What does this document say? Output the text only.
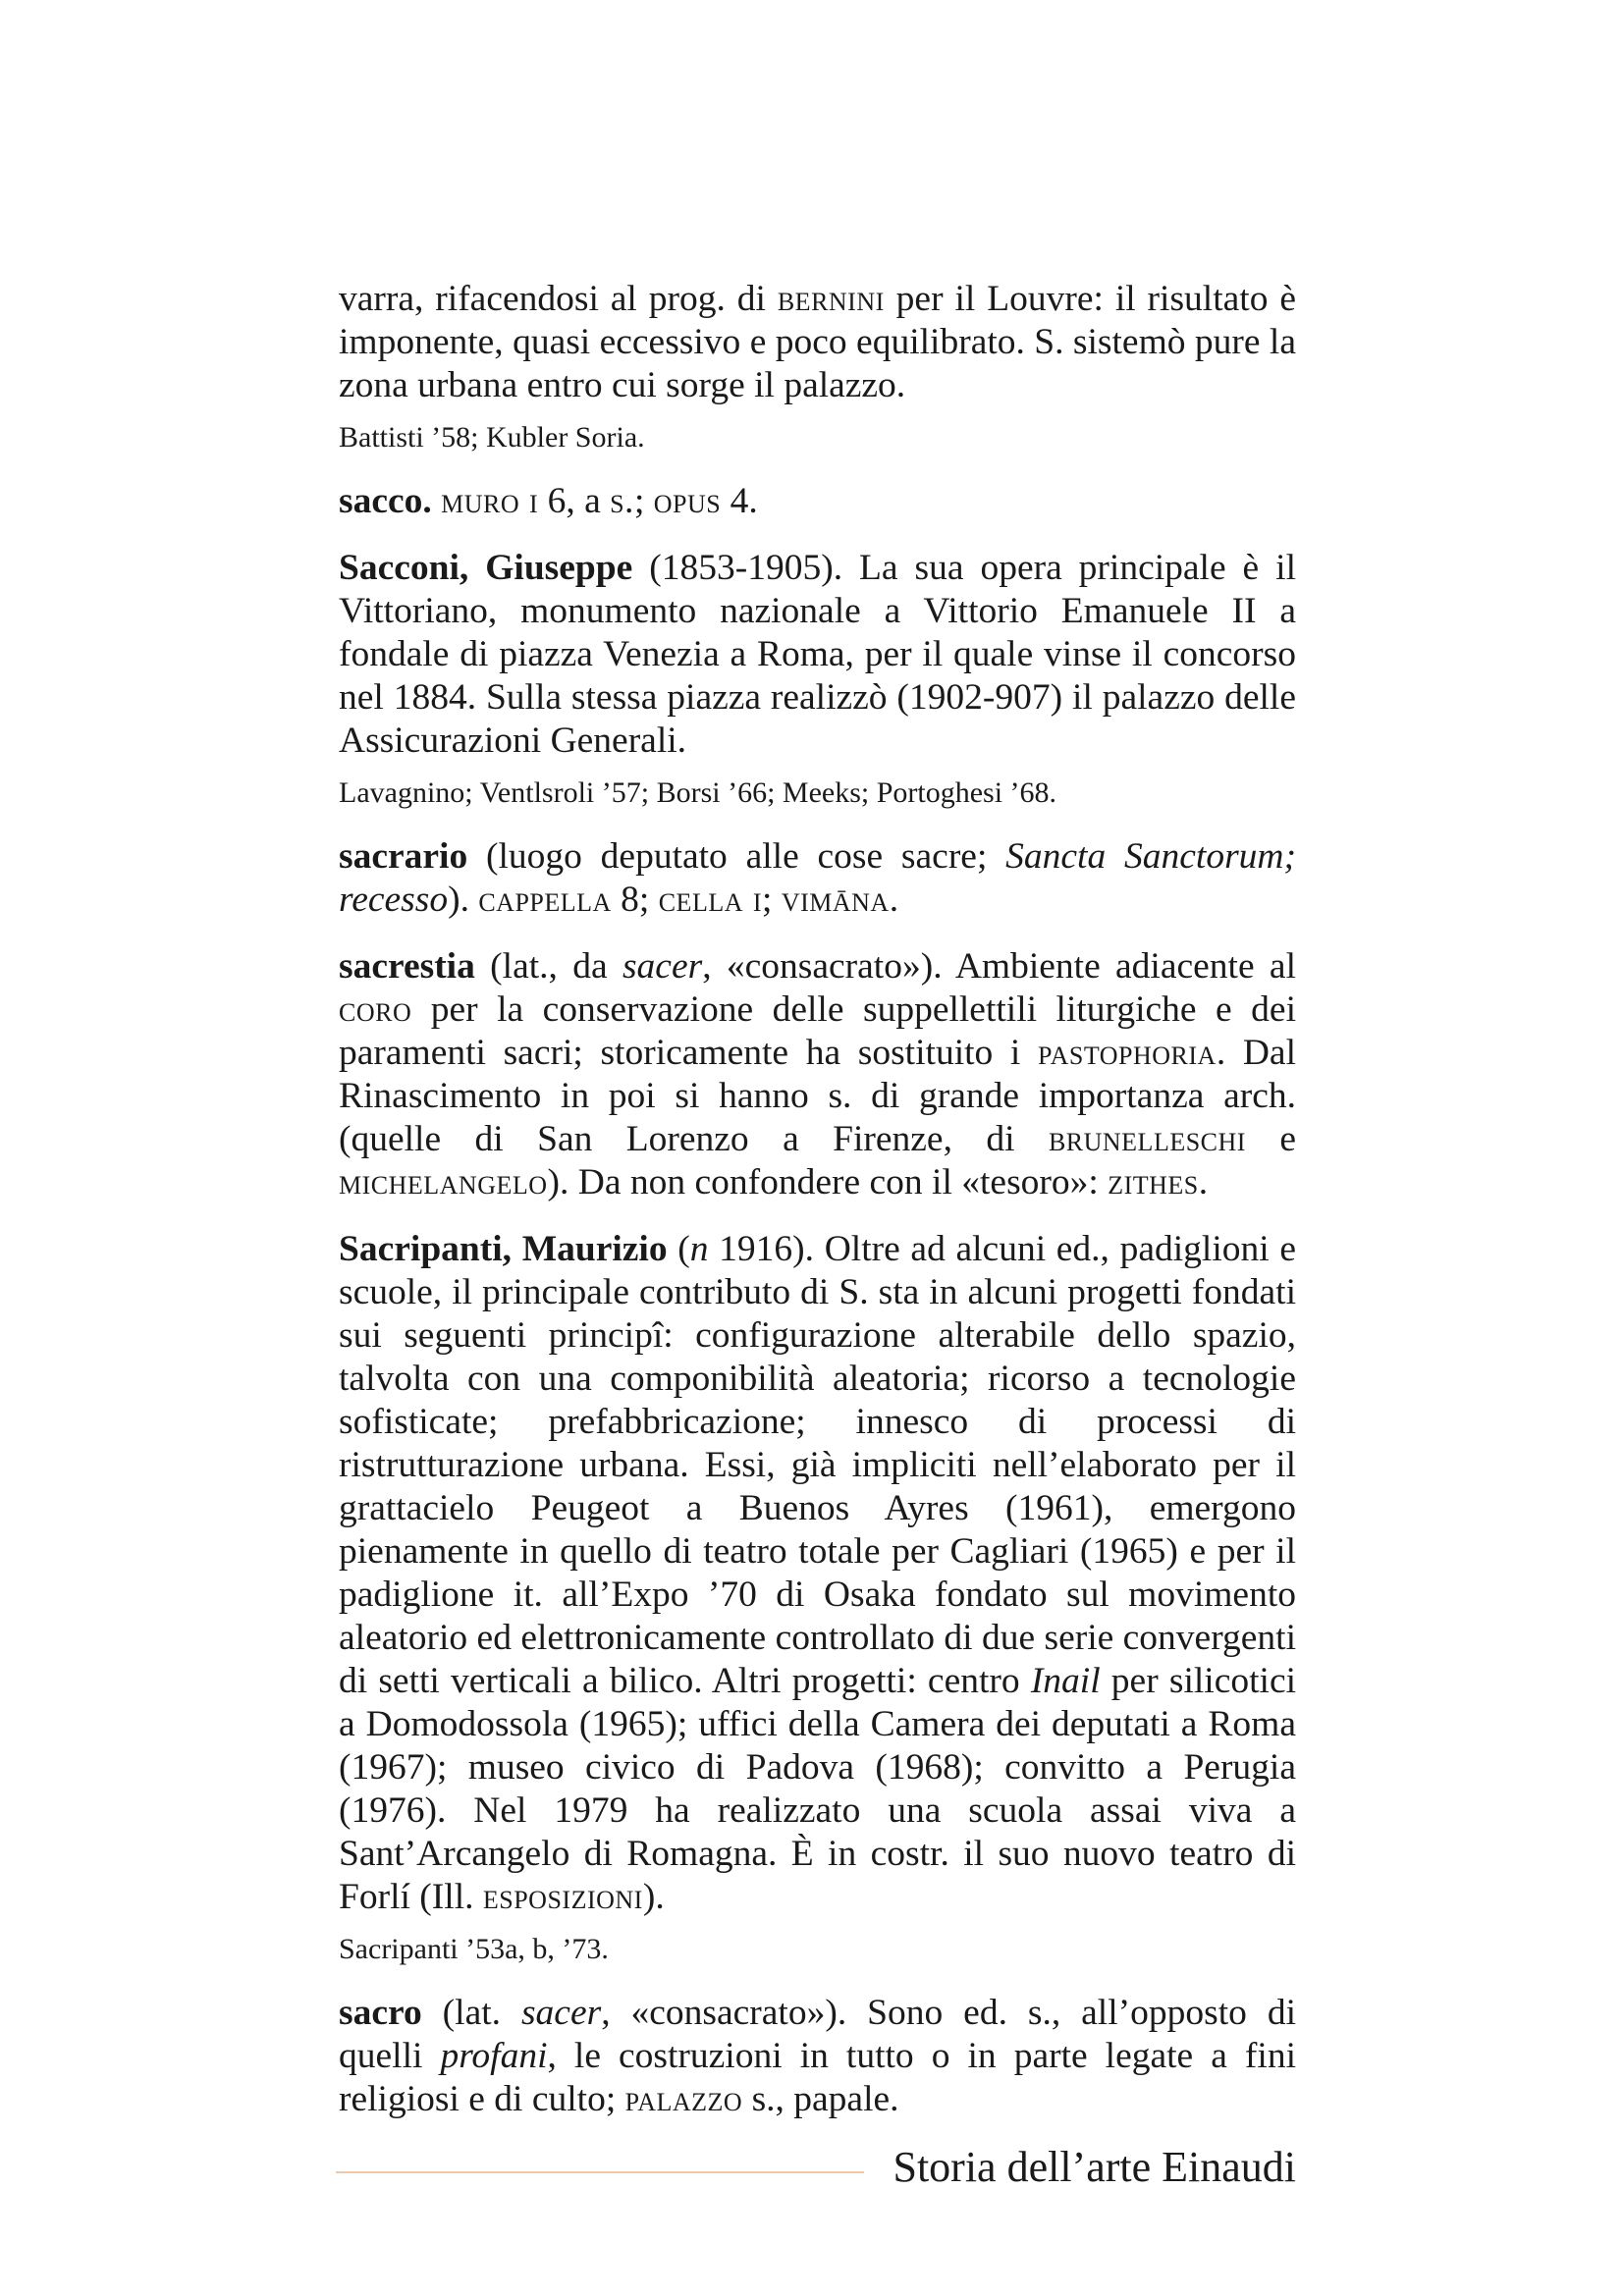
varra, rifacendosi al prog. di bernini per il Louvre: il risultato è imponente, quasi eccessivo e poco equilibrato. S. sistemò pure la zona urbana entro cui sorge il palazzo.
Battisti ’58; Kubler Soria.
sacco. muro i 6, a s.; opus 4.
Sacconi, Giuseppe (1853-1905). La sua opera principale è il Vittoriano, monumento nazionale a Vittorio Emanuele II a fondale di piazza Venezia a Roma, per il quale vinse il concorso nel 1884. Sulla stessa piazza realizzò (1902-907) il palazzo delle Assicurazioni Generali.
Lavagnino; Ventlsroli ’57; Borsi ’66; Meeks; Portoghesi ’68.
sacrario (luogo deputato alle cose sacre; Sancta Sanctorum; recesso). cappella 8; cella i; vimāna.
sacrestia (lat., da sacer, «consacrato»). Ambiente adiacente al coro per la conservazione delle suppellettili liturgiche e dei paramenti sacri; storicamente ha sostituito i pastophoria. Dal Rinascimento in poi si hanno s. di grande importanza arch. (quelle di San Lorenzo a Firenze, di brunelleschi e michelangelo). Da non confondere con il «tesoro»: zithes.
Sacripanti, Maurizio (n 1916). Oltre ad alcuni ed., padiglioni e scuole, il principale contributo di S. sta in alcuni progetti fondati sui seguenti principî: configurazione alterabile dello spazio, talvolta con una componibilità aleatoria; ricorso a tecnologie sofisticate; prefabbricazione; innesco di processi di ristrutturazione urbana. Essi, già impliciti nell’elaborato per il grattacielo Peugeot a Buenos Ayres (1961), emergono pienamente in quello di teatro totale per Cagliari (1965) e per il padiglione it. all’Expo ’70 di Osaka fondato sul movimento aleatorio ed elettronicamente controllato di due serie convergenti di setti verticali a bilico. Altri progetti: centro Inail per silicotici a Domodossola (1965); uffici della Camera dei deputati a Roma (1967); museo civico di Padova (1968); convitto a Perugia (1976). Nel 1979 ha realizzato una scuola assai viva a Sant’Arcangelo di Romagna. È in costr. il suo nuovo teatro di Forlí (Ill. esposizioni).
Sacripanti ’53a, b, ’73.
sacro (lat. sacer, «consacrato»). Sono ed. s., all’opposto di quelli profani, le costruzioni in tutto o in parte legate a fini religiosi e di culto; palazzo s., papale.
Storia dell’arte Einaudi
